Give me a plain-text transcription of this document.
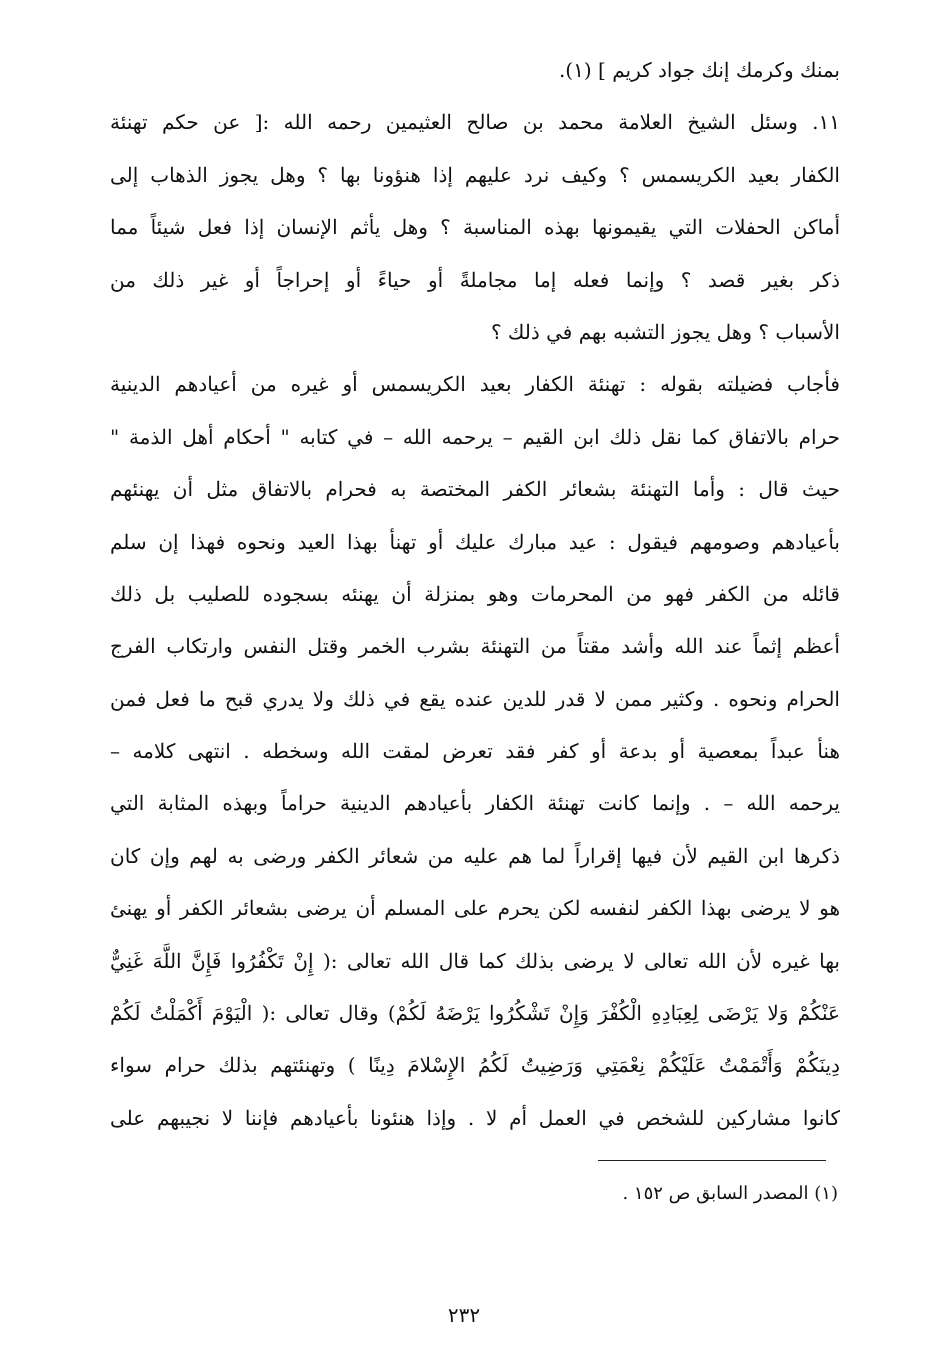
بمنك وكرمك إنك جواد كريم ] (١).
١١. وسئل الشيخ العلامة محمد بن صالح العثيمين رحمه الله :[ عن حكم تهنئة
الكفار بعيد الكريسمس ؟ وكيف نرد عليهم إذا هنؤونا بها ؟ وهل يجوز الذهاب إلى
أماكن الحفلات التي يقيمونها بهذه المناسبة ؟ وهل يأثم الإنسان إذا فعل شيئاً مما
ذكر بغير قصد ؟ وإنما فعله إما مجاملةً أو حياءً أو إحراجاً أو غير ذلك من
الأسباب ؟ وهل يجوز التشبه بهم في ذلك ؟
فأجاب فضيلته بقوله : تهنئة الكفار بعيد الكريسمس أو غيره من أعيادهم الدينية
حرام بالاتفاق كما نقل ذلك ابن القيم – يرحمه الله – في كتابه " أحكام أهل الذمة "
حيث قال : وأما التهنئة بشعائر الكفر المختصة به فحرام بالاتفاق مثل أن يهنئهم
بأعيادهم وصومهم فيقول : عيد مبارك عليك أو تهنأ بهذا العيد ونحوه فهذا إن سلم
قائله من الكفر فهو من المحرمات وهو بمنزلة أن يهنئه بسجوده للصليب بل ذلك
أعظم إثماً عند الله وأشد مقتاً من التهنئة بشرب الخمر وقتل النفس وارتكاب الفرج
الحرام ونحوه . وكثير ممن لا قدر للدين عنده يقع في ذلك ولا يدري قبح ما فعل فمن
هنأ عبداً بمعصية أو بدعة أو كفر فقد تعرض لمقت الله وسخطه . انتهى كلامه –
يرحمه الله – . وإنما كانت تهنئة الكفار بأعيادهم الدينية حراماً وبهذه المثابة التي
ذكرها ابن القيم لأن فيها إقراراً لما هم عليه من شعائر الكفر ورضى به لهم وإن كان
هو لا يرضى بهذا الكفر لنفسه لكن يحرم على المسلم أن يرضى بشعائر الكفر أو يهنئ
بها غيره لأن الله تعالى لا يرضى بذلك كما قال الله تعالى :( إِنْ تَكْفُرُوا فَإِنَّ اللَّهَ غَنِيٌّ
عَنْكُمْ وَلا يَرْضَى لِعِبَادِهِ الْكُفْرَ وَإِنْ تَشْكُرُوا يَرْضَهُ لَكُمْ) وقال تعالى :( الْيَوْمَ أَكْمَلْتُ لَكُمْ
دِينَكُمْ وَأَتْمَمْتُ عَلَيْكُمْ نِعْمَتِي وَرَضِيتُ لَكُمُ الإِسْلامَ دِينًا ) وتهنئتهم بذلك حرام سواء
كانوا مشاركين للشخص في العمل أم لا . وإذا هنئونا بأعيادهم فإننا لا نجيبهم على
(١) المصدر السابق ص ١٥٢ .
٢٣٢
